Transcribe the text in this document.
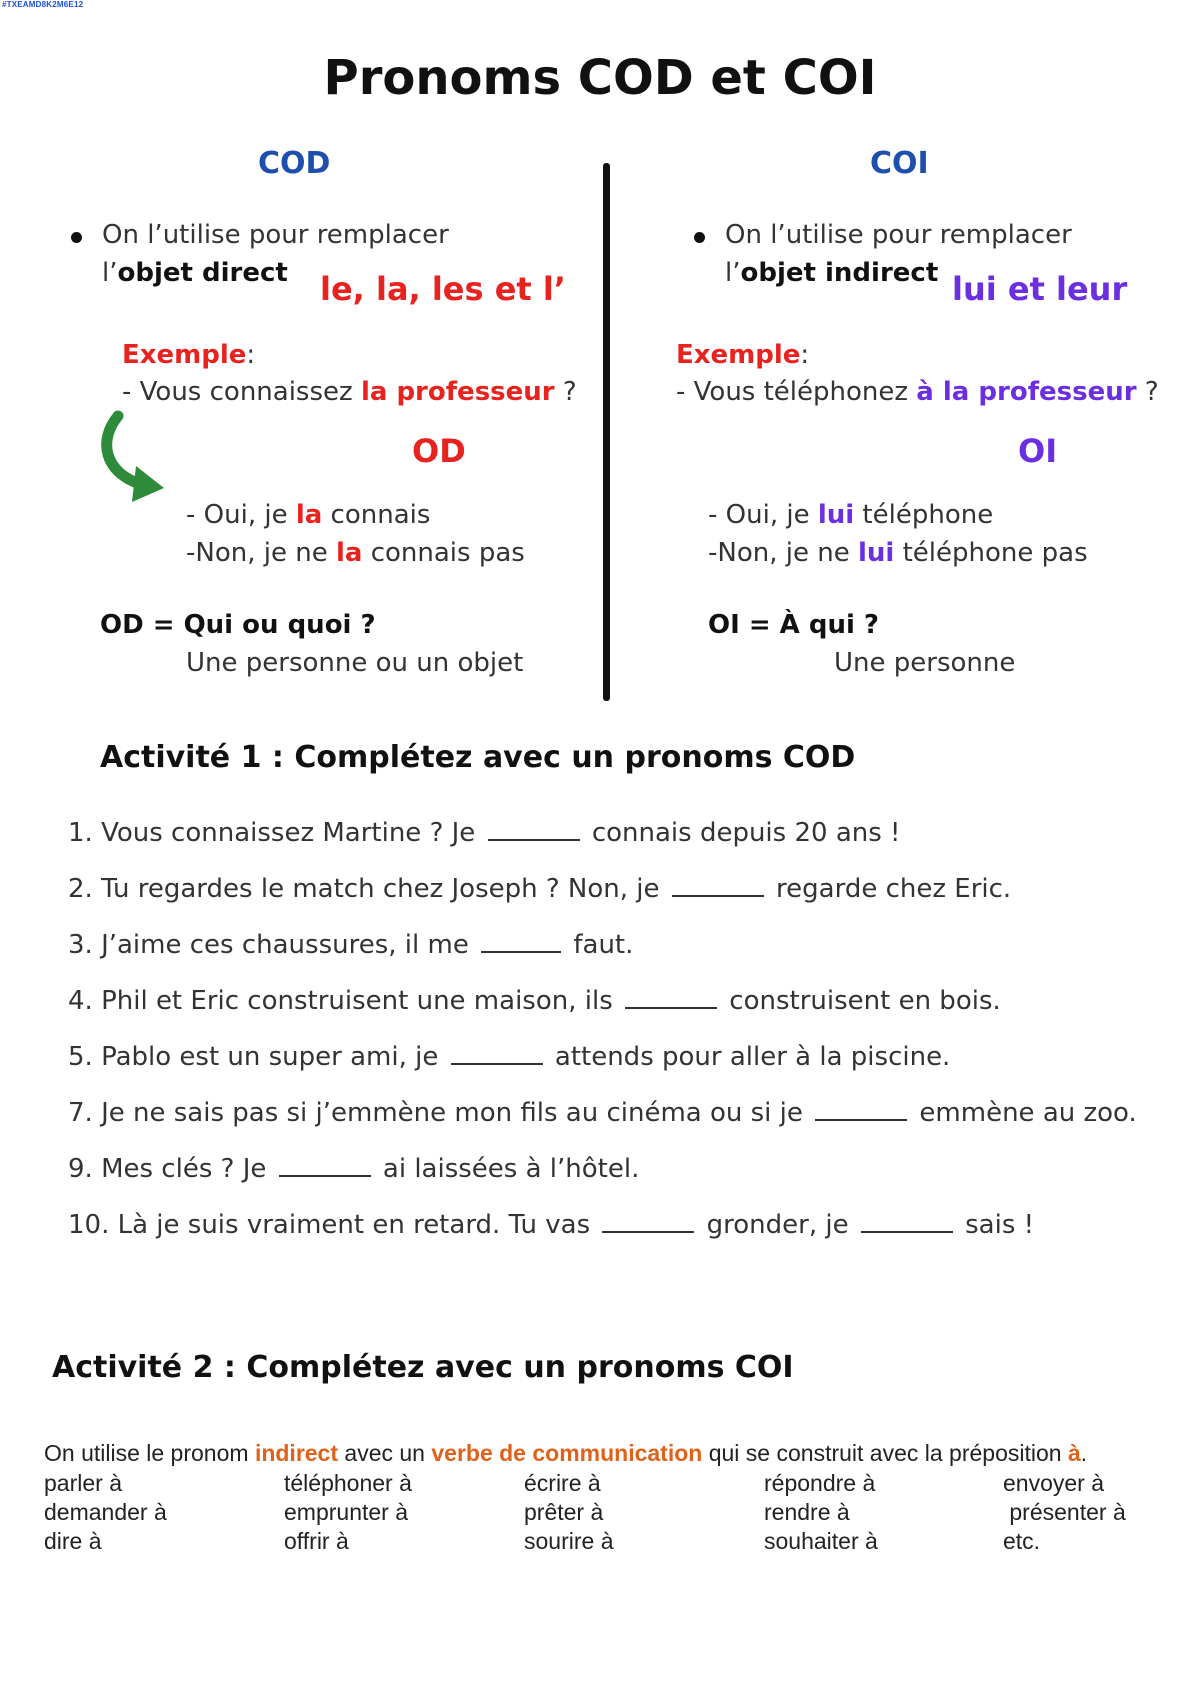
#TXEAMD8K2M6E12
Pronoms COD et COI
COD
On l’utilise pour remplacer
l’objet direct le, la, les et l’
Exemple:
- Vous connaissez la professeur ?
OD
- Oui, je la connais
-Non, je ne la connais pas
OD = Qui ou quoi ?
Une personne ou un objet
COI
On l’utilise pour remplacer
l’objet indirect lui et leur
Exemple:
- Vous téléphonez à la professeur ?
OI
- Oui, je lui téléphone
-Non, je ne lui téléphone pas
OI = À qui ?
Une personne
Activité 1 : Complétez avec un pronoms COD
1. Vous connaissez Martine ? Je	connais depuis 20 ans !
2. Tu regardes le match chez Joseph ? Non, je	regarde chez Eric.
3. J’aime ces chaussures, il me	faut.
4. Phil et Eric construisent une maison, ils	construisent en bois.
5. Pablo est un super ami, je	attends pour aller à la piscine.
7. Je ne sais pas si j’emmène mon fils au cinéma ou si je	emmène au zoo.
9. Mes clés ? Je	ai laissées à l’hôtel.
10. Là je suis vraiment en retard. Tu vas	gronder, je	sais !
Activité 2 : Complétez avec un pronoms COI
On utilise le pronom indirect avec un verbe de communication qui se construit avec la préposition à.
parler à
demander à
dire à
téléphoner à
emprunter à
offrir à
écrire à
prêter à
sourire à
répondre à
rendre à
souhaiter à
envoyer à
présenter à
etc.
